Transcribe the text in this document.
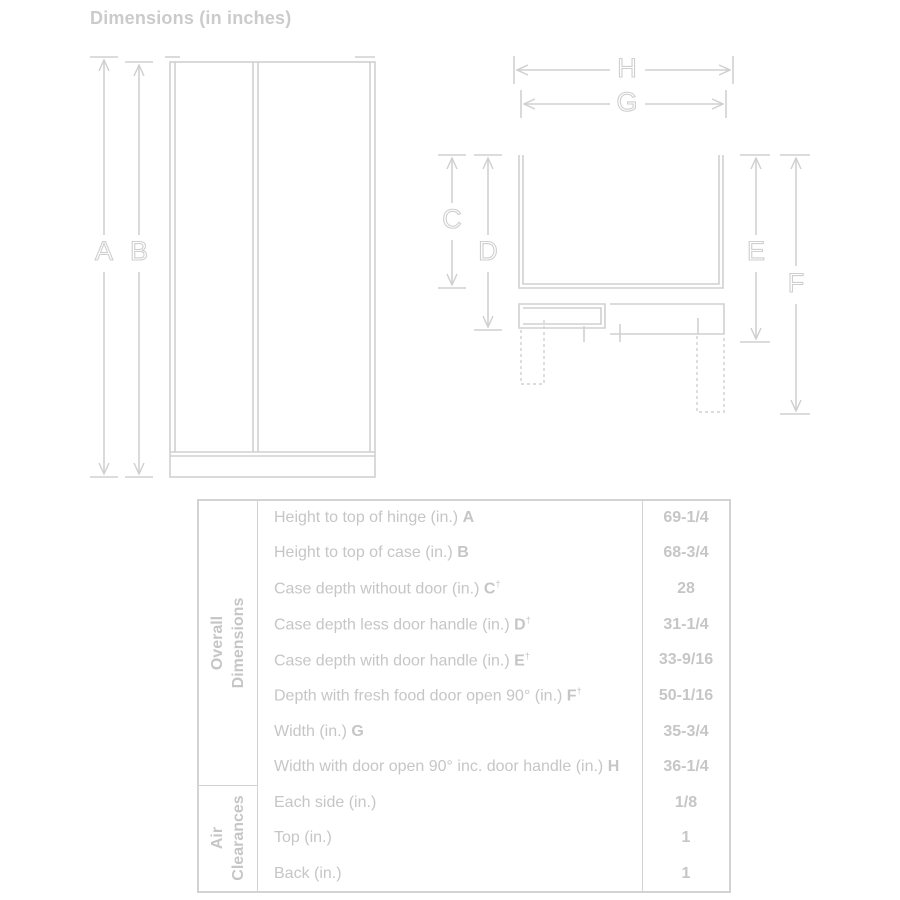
Dimensions (in inches)
A B
H
G
C
D	E
F
Overall Dimensions	Height to top of hinge (in.) A	69-1/4
	Height to top of case (in.) B	68-3/4
	Case depth without door (in.) C†	28
	Case depth less door handle (in.) D†	31-1/4
	Case depth with door handle (in.) E†	33-9/16
	Depth with fresh food door open 90° (in.) F†	50-1/16
	Width (in.) G	35-3/4
	Width with door open 90° inc. door handle (in.) H	36-1/4

Air Clearances	Each side (in.)	1/8
	Top (in.)	1
	Back (in.)	1
